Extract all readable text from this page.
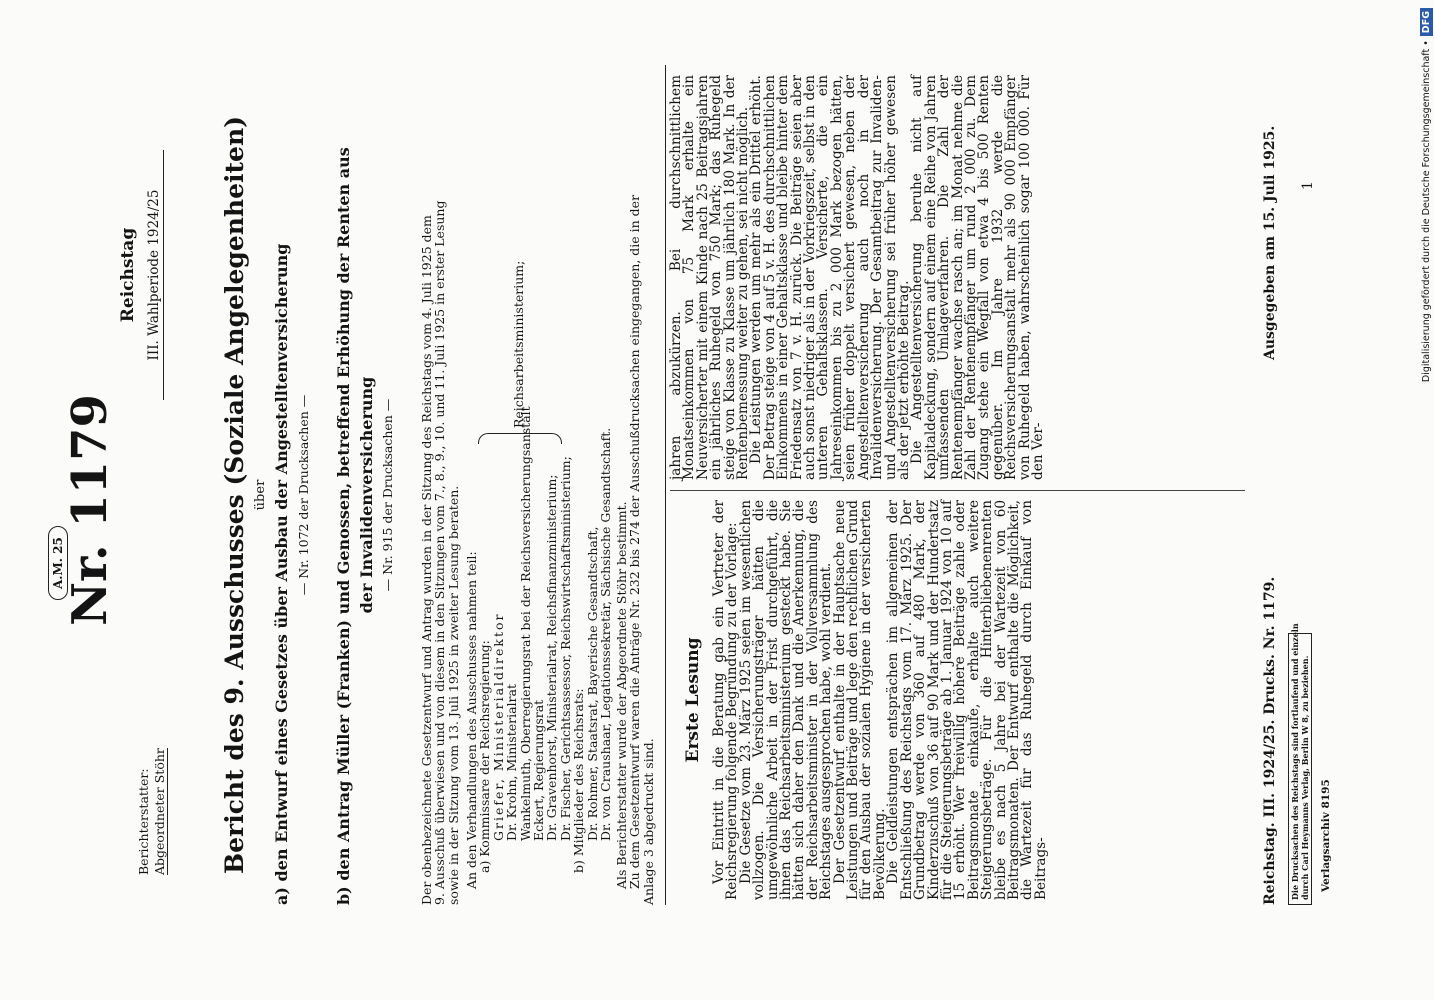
A.M. 25
Reichstag III. Wahlperiode 1924/25
Nr. 1179
Berichterstatter: Abgeordneter Stöhr Bericht des 9. Ausschusses (Soziale Angelegenheiten) über a) den Entwurf eines Gesetzes über Ausbau der Angestelltenversicherung — Nr. 1072 der Drucksachen — b) den Antrag Müller (Franken) und Genossen, betreffend Erhöhung der Renten aus der Invalidenversicherung — Nr. 915 der Drucksachen — Der obenbezeichnete Gesetzentwurf und Antrag wurden in der Sitzung des Reichstags vom 4. Juli 1925 dem
9. Ausschuß überwiesen und von diesem in den Sitzungen vom 7., 8., 9., 10. und 11. Juli 1925 in erster Lesung
sowie in der Sitzung vom 13. Juli 1925 in zweiter Lesung beraten. An den Verhandlungen des Ausschusses nahmen teil:
a) Kommissare der Reichsregierung:
Griefer, Ministerialdirektor
Dr. Krohn, Ministerialrat
Wankelmuth, Oberregierungsrat bei der Reichsversicherungsanstalt
Eckert, Regierungsrat
Dr. Gravenhorst, Ministerialrat, Reichsfinanzministerium;
Dr. Fischer, Gerichtsassessor, Reichswirtschaftsministerium;
b) Mitglieder des Reichsrats:
Dr. Rohmer, Staatsrat, Bayerische Gesandtschaft,
Dr. von Craushaar, Legationssekretär, Sächsische Gesandtschaft.
Reichsarbeitsministerium;
Als Berichterstatter wurde der Abgeordnete Stöhr bestimmt.
Zu dem Gesetzentwurf waren die Anträge Nr. 232 bis 274 der Ausschußdrucksachen eingegangen, die in der
Anlage 3 abgedruckt sind.
Erste Lesung Vor Eintritt in die Beratung gab ein Vertreter der Reichsregierung folgende Begründung zu der Vorlage:

Die Gesetze vom 23. März 1925 seien im wesentlichen vollzogen. Die Versicherungsträger hätten die umgewöhnliche Arbeit in der Frist durchgeführt, die ihnen das Reichsarbeitsministerium gesteckt habe. Sie hätten sich daher den Dank und die Anerkennung, die der Reichsarbeitsminister in der Vollversammlung des Reichstages ausgesprochen habe, wohl verdient.

Der Gesetzentwurf enthalte in der Hauptsache neue Leistungen und Beiträge und lege den rechtlichen Grund für den Ausbau der sozialen Hygiene in der versicherten Bevölkerung.

Die Geldleistungen entsprächen im allgemeinen der Entschließung des Reichstags vom 17. März 1925. Der Grundbetrag werde von 360 auf 480 Mark, der Kinderzuschuß von 36 auf 90 Mark und der Hundertsatz für die Steigerungsbeträge ab 1. Januar 1924 von 10 auf 15 erhöht. Wer freiwillig höhere Beiträge zahle oder Beitragsmonate einkaufe, erhalte auch weitere Steigerungsbeträge. Für die Hinterbliebenenrenten bleibe es nach 5 Jahre bei der Wartezeit von 60 Beitragsmonaten. Der Entwurf enthalte die Möglichkeit, die Wartezeit für das Ruhegeld durch Einkauf von Beitrags-

jahren abzukürzen. Bei durchschnittlichem Monatseinkommen von 75 Mark erhalte ein Neuversicherter mit einem Kinde nach 25 Beitragsjahren ein jährliches Ruhegeld von 750 Mark; das Ruhegeld steige von Klasse zu Klasse um jährlich 180 Mark. In der Rentenbemessung weiter zu gehen, sei nicht möglich.

Die Leistungen werden um mehr als ein Drittel erhöht. Der Betrag steige von 4 auf 5 v. H. des durchschnittlichen Einkommens in einer Gehaltsklasse und bleibe hinter dem Friedensatz von 7 v. H. zurück. Die Beiträge seien aber auch sonst niedriger als in der Vorkriegszeit, selbst in den unteren Gehaltsklassen. Versicherte, die ein Jahreseinkommen bis zu 2 000 Mark bezogen hätten, seien früher doppelt versichert gewesen, neben der Angestelltenversicherung auch noch in der Invalidenversicherung. Der Gesamtbeitrag zur Invaliden- und Angestelltenversicherung sei früher höher gewesen als der jetzt erhöhte Beitrag.

Die Angestelltenversicherung beruhe nicht auf Kapitaldeckung, sondern auf einem eine Reihe von Jahren umfassenden Umlageverfahren. Die Zahl der Rentenempfänger wachse rasch an; im Monat nehme die Zahl der Rentenempfänger um rund 2 000 zu. Dem Zugang stehe ein Wegfall von etwa 4 bis 500 Renten gegenüber. Im Jahre 1932 werde die Reichsversicherungsanstalt mehr als 90 000 Empfänger von Ruhegeld haben, wahrscheinlich sogar 100 000. Für den Ver-

1
Reichstag. III. 1924/25. Drucks. Nr. 1179.
Ausgegeben am 15. Juli 1925.
Die Drucksachen des Reichstags sind fortlaufend und einzeln durch Carl Heymanns Verlag, Berlin W 8, zu beziehen. Verlagsarchiv 8195
Digitalisierung gefördert durch die Deutsche Forschungsgemeinschaft •DFG
